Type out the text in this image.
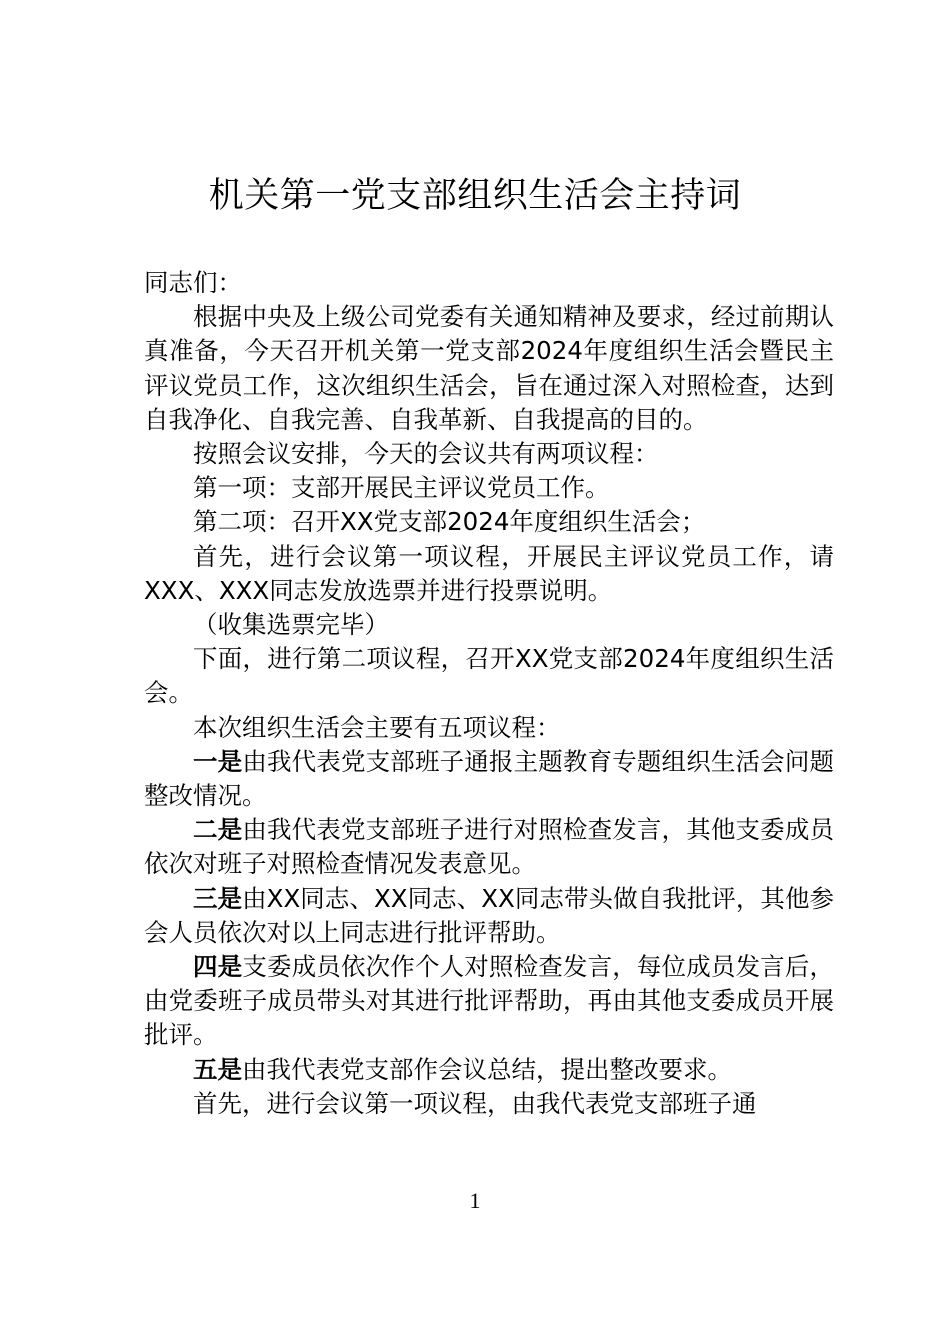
机关第一党支部组织生活会主持词

同志们：

根据中央及上级公司党委有关通知精神及要求，经过前期认真准备，今天召开机关第一党支部2024年度组织生活会暨民主评议党员工作，这次组织生活会，旨在通过深入对照检查，达到自我净化、自我完善、自我革新、自我提高的目的。

按照会议安排，今天的会议共有两项议程：

第一项：支部开展民主评议党员工作。

第二项：召开XX党支部2024年度组织生活会；

首先，进行会议第一项议程，开展民主评议党员工作，请XXX、XXX同志发放选票并进行投票说明。

（收集选票完毕）

下面，进行第二项议程，召开XX党支部2024年度组织生活会。

本次组织生活会主要有五项议程：

一是由我代表党支部班子通报主题教育专题组织生活会问题整改情况。

二是由我代表党支部班子进行对照检查发言，其他支委成员依次对班子对照检查情况发表意见。

三是由XX同志、XX同志、XX同志带头做自我批评，其他参会人员依次对以上同志进行批评帮助。

四是支委成员依次作个人对照检查发言，每位成员发言后，由党委班子成员带头对其进行批评帮助，再由其他支委成员开展批评。

五是由我代表党支部作会议总结，提出整改要求。

首先，进行会议第一项议程，由我代表党支部班子通

1
